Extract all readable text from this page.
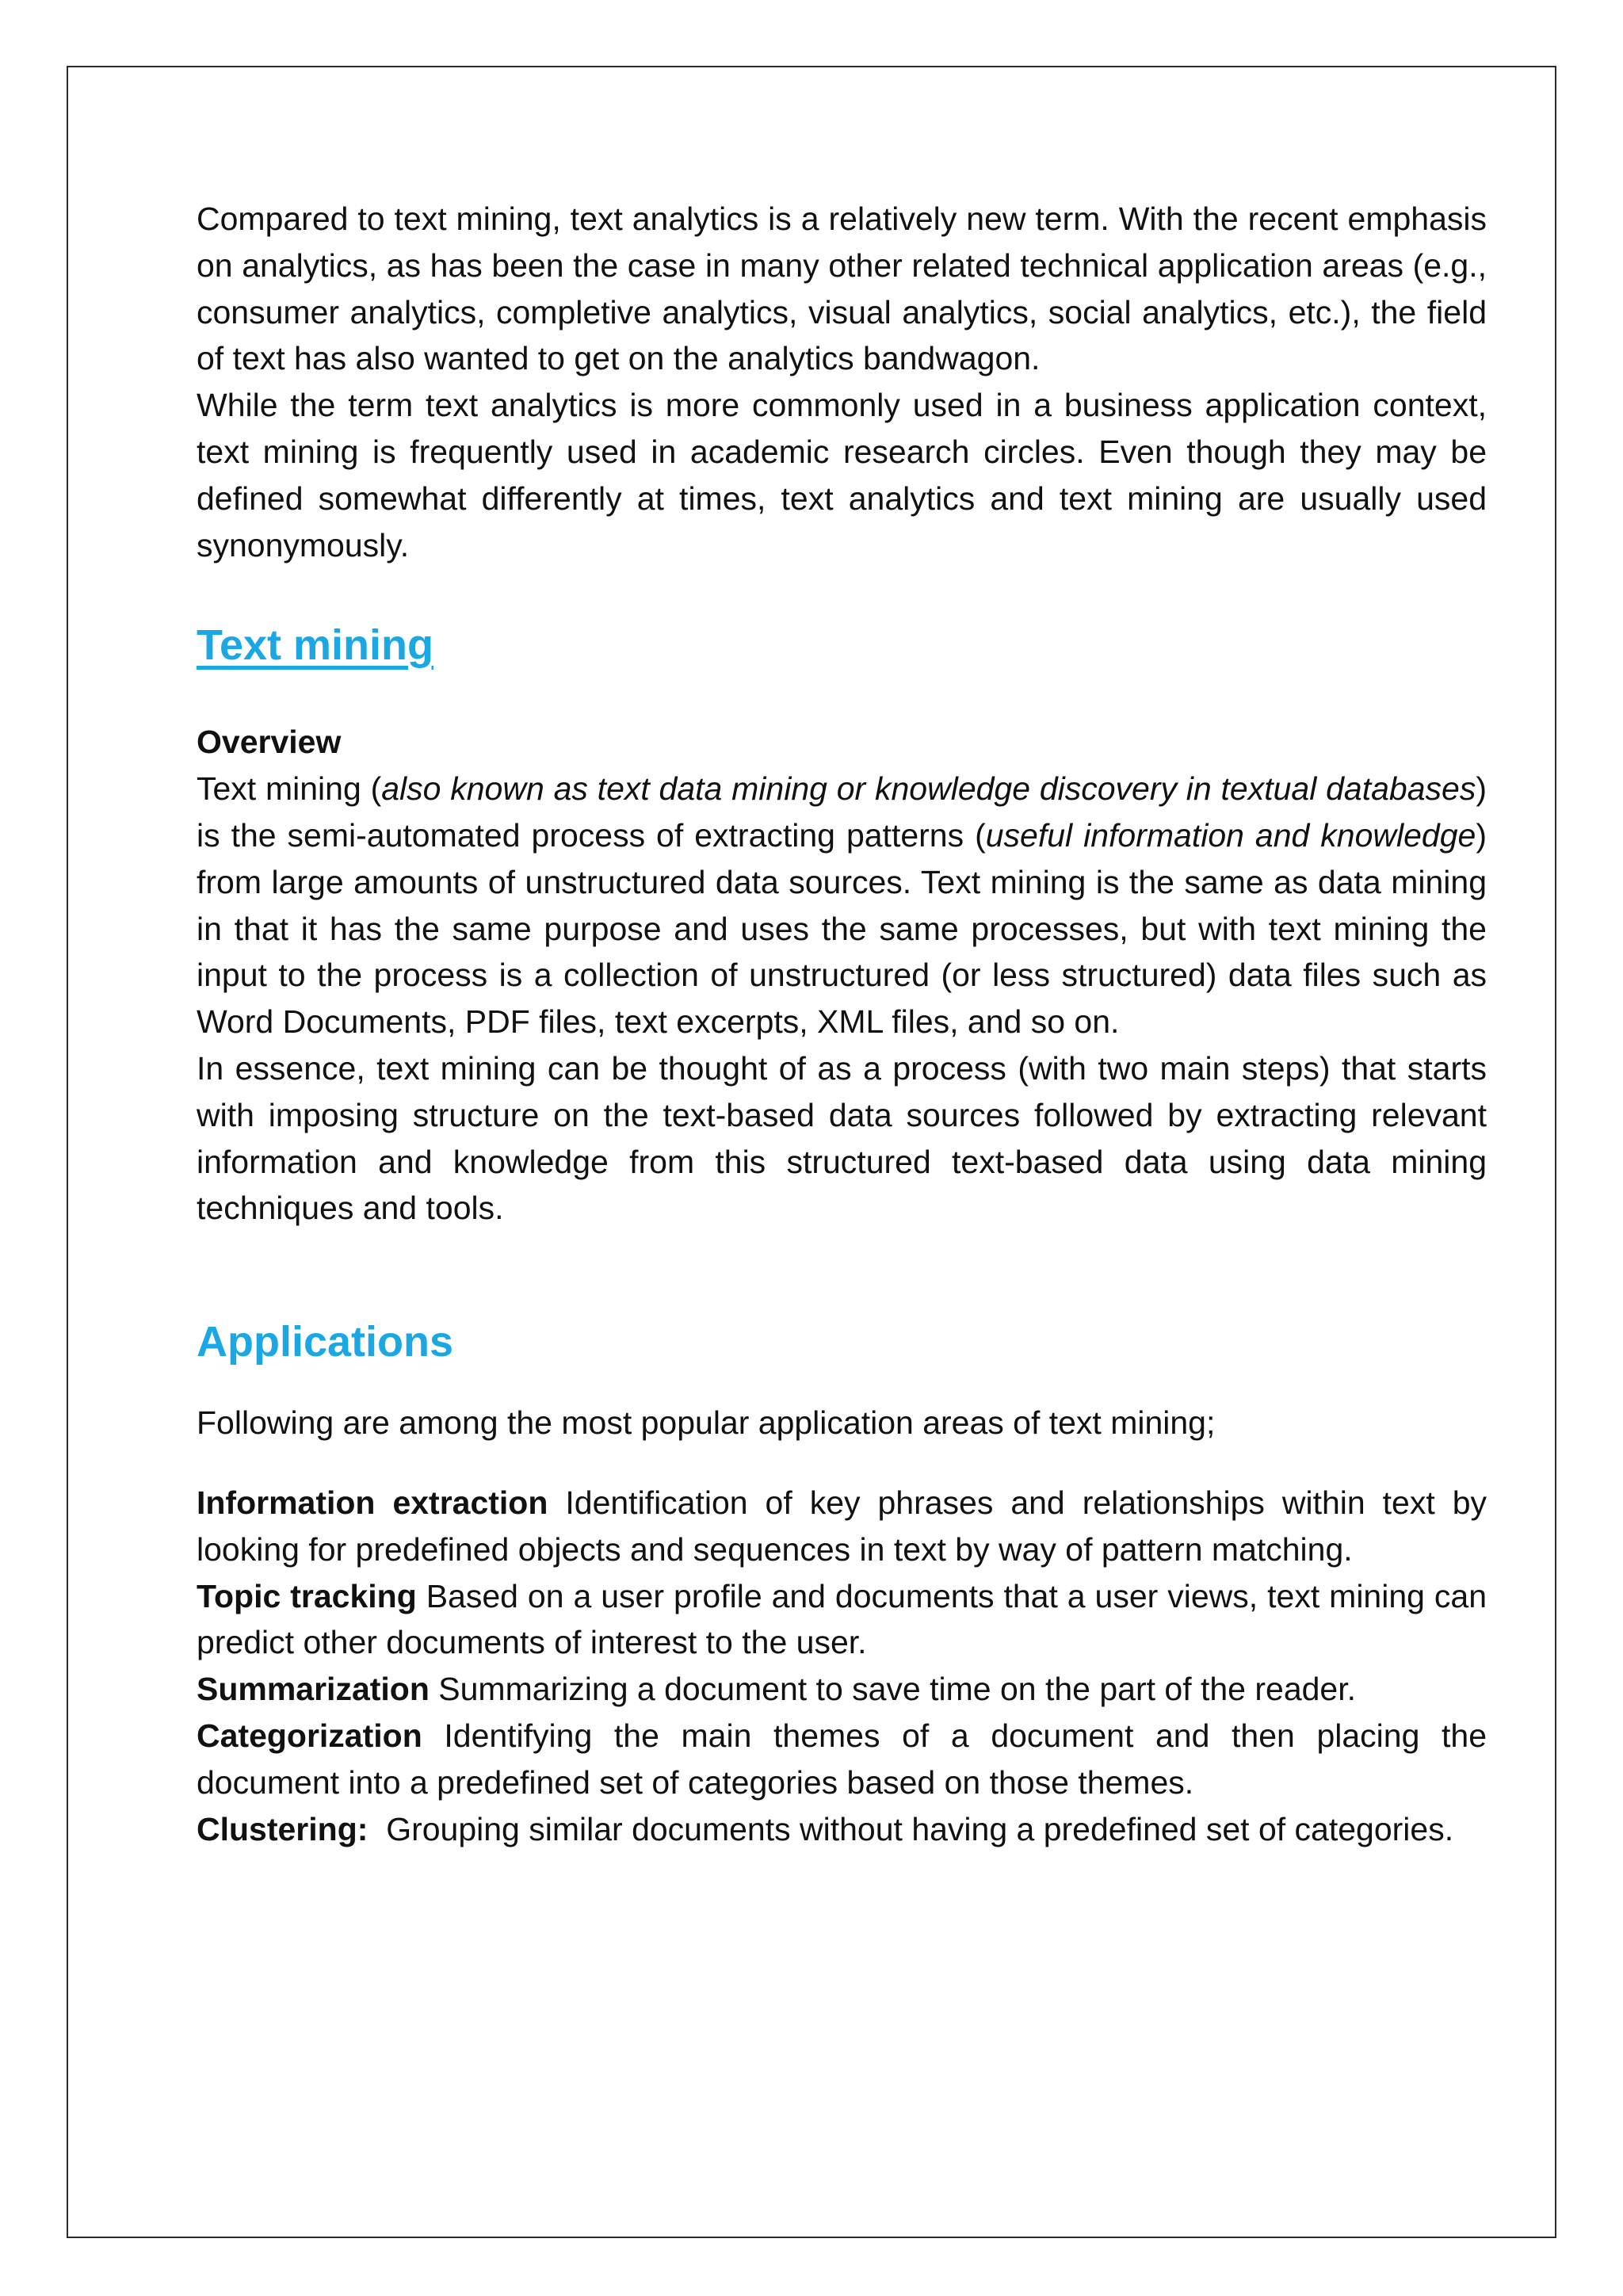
Compared to text mining, text analytics is a relatively new term. With the recent emphasis on analytics, as has been the case in many other related technical application areas (e.g., consumer analytics, completive analytics, visual analytics, social analytics, etc.), the field of text has also wanted to get on the analytics bandwagon.

While the term text analytics is more commonly used in a business application context, text mining is frequently used in academic research circles. Even though they may be defined somewhat differently at times, text analytics and text mining are usually used synonymously.

Text mining
Overview

Text mining (also known as text data mining or knowledge discovery in textual databases) is the semi-automated process of extracting patterns (useful information and knowledge) from large amounts of unstructured data sources. Text mining is the same as data mining in that it has the same purpose and uses the same processes, but with text mining the input to the process is a collection of unstructured (or less structured) data files such as Word Documents, PDF files, text excerpts, XML files, and so on.

In essence, text mining can be thought of as a process (with two main steps) that starts with imposing structure on the text-based data sources followed by extracting relevant information and knowledge from this structured text-based data using data mining techniques and tools.

Applications

Following are among the most popular application areas of text mining;

Information extraction Identification of key phrases and relationships within text by looking for predefined objects and sequences in text by way of pattern matching.

Topic tracking Based on a user profile and documents that a user views, text mining can predict other documents of interest to the user.

Summarization Summarizing a document to save time on the part of the reader.

Categorization Identifying the main themes of a document and then placing the document into a predefined set of categories based on those themes.

Clustering:  Grouping similar documents without having a predefined set of categories.
